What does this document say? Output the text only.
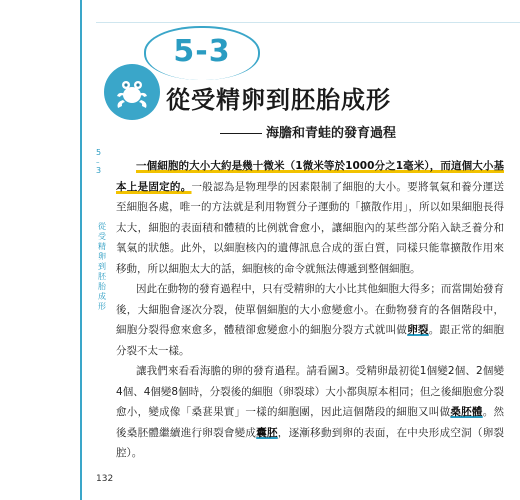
5
–
3
從受精卵到胚胎成形
5-3
從受精卵到胚胎成形
海膽和青蛙的發育過程

一個細胞的大小大約是幾十微米（1微米等於1000分之1毫米），而這個大小基本上是固定的。一般認為是物理學的因素限制了細胞的大小。要將氧氣和養分運送至細胞各處，唯一的方法就是利用物質分子運動的「擴散作用」，所以如果細胞長得太大，細胞的表面積和體積的比例就會愈小，讓細胞內的某些部分陷入缺乏養分和氧氣的狀態。此外，以細胞核內的遺傳訊息合成的蛋白質，同樣只能靠擴散作用來移動，所以細胞太大的話，細胞核的命令就無法傳遞到整個細胞。

因此在動物的發育過程中，只有受精卵的大小比其他細胞大得多；而當開始發育後，大細胞會逐次分裂，使單個細胞的大小愈變愈小。在動物發育的各個階段中，細胞分裂得愈來愈多，體積卻愈變愈小的細胞分裂方式就叫做卵裂。跟正常的細胞分裂不太一樣。

讓我們來看看海膽的卵的發育過程。請看圖3。受精卵最初從1個變2個、2個變4個、4個變8個時，分裂後的細胞（卵裂球）大小都與原本相同；但之後細胞愈分裂愈小，變成像「桑葚果實」一樣的細胞團，因此這個階段的細胞又叫做桑胚體。然後桑胚體繼續進行卵裂會變成囊胚，逐漸移動到卵的表面，在中央形成空洞（卵裂腔）。

132
